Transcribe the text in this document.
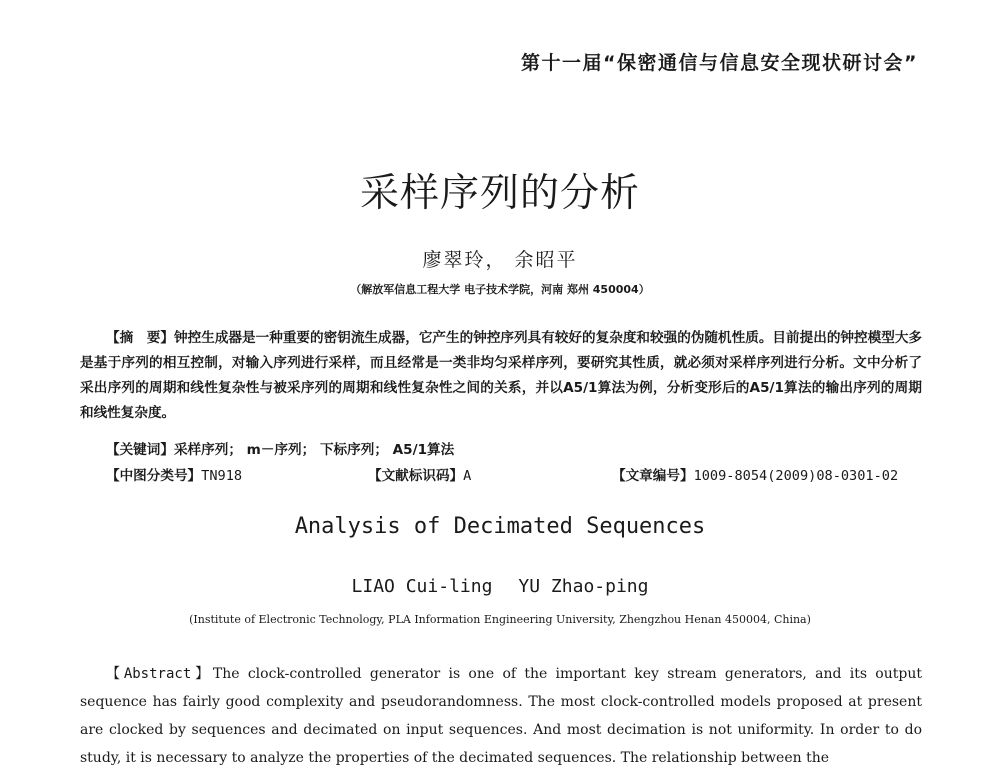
第十一届“保密通信与信息安全现状研讨会”
采样序列的分析
廖翠玲， 余昭平
（解放军信息工程大学 电子技术学院，河南 郑州 450004）

【摘　要】钟控生成器是一种重要的密钥流生成器，它产生的钟控序列具有较好的复杂度和较强的伪随机性质。目前提出的钟控模型大多是基于序列的相互控制，对输入序列进行采样，而且经常是一类非均匀采样序列，要研究其性质，就必须对采样序列进行分析。文中分析了采出序列的周期和线性复杂性与被采序列的周期和线性复杂性之间的关系，并以A5/1算法为例，分析变形后的A5/1算法的输出序列的周期和线性复杂度。

【关键词】采样序列； m－序列； 下标序列； A5/1算法
【中图分类号】TN918	【文献标识码】A	【文章编号】1009-8054(2009)08-0301-02
Analysis of Decimated Sequences
LIAO Cui-ling YU Zhao-ping
(Institute of Electronic Technology, PLA Information Engineering University, Zhengzhou Henan 450004, China)

【Abstract】The clock-controlled generator is one of the important key stream generators, and its output sequence has fairly good complexity and pseudorandomness. The most clock-controlled models proposed at present are clocked by sequences and decimated on input sequences. And most decimation is not uniformity. In order to do study, it is necessary to analyze the properties of the decimated sequences. The relationship between the
